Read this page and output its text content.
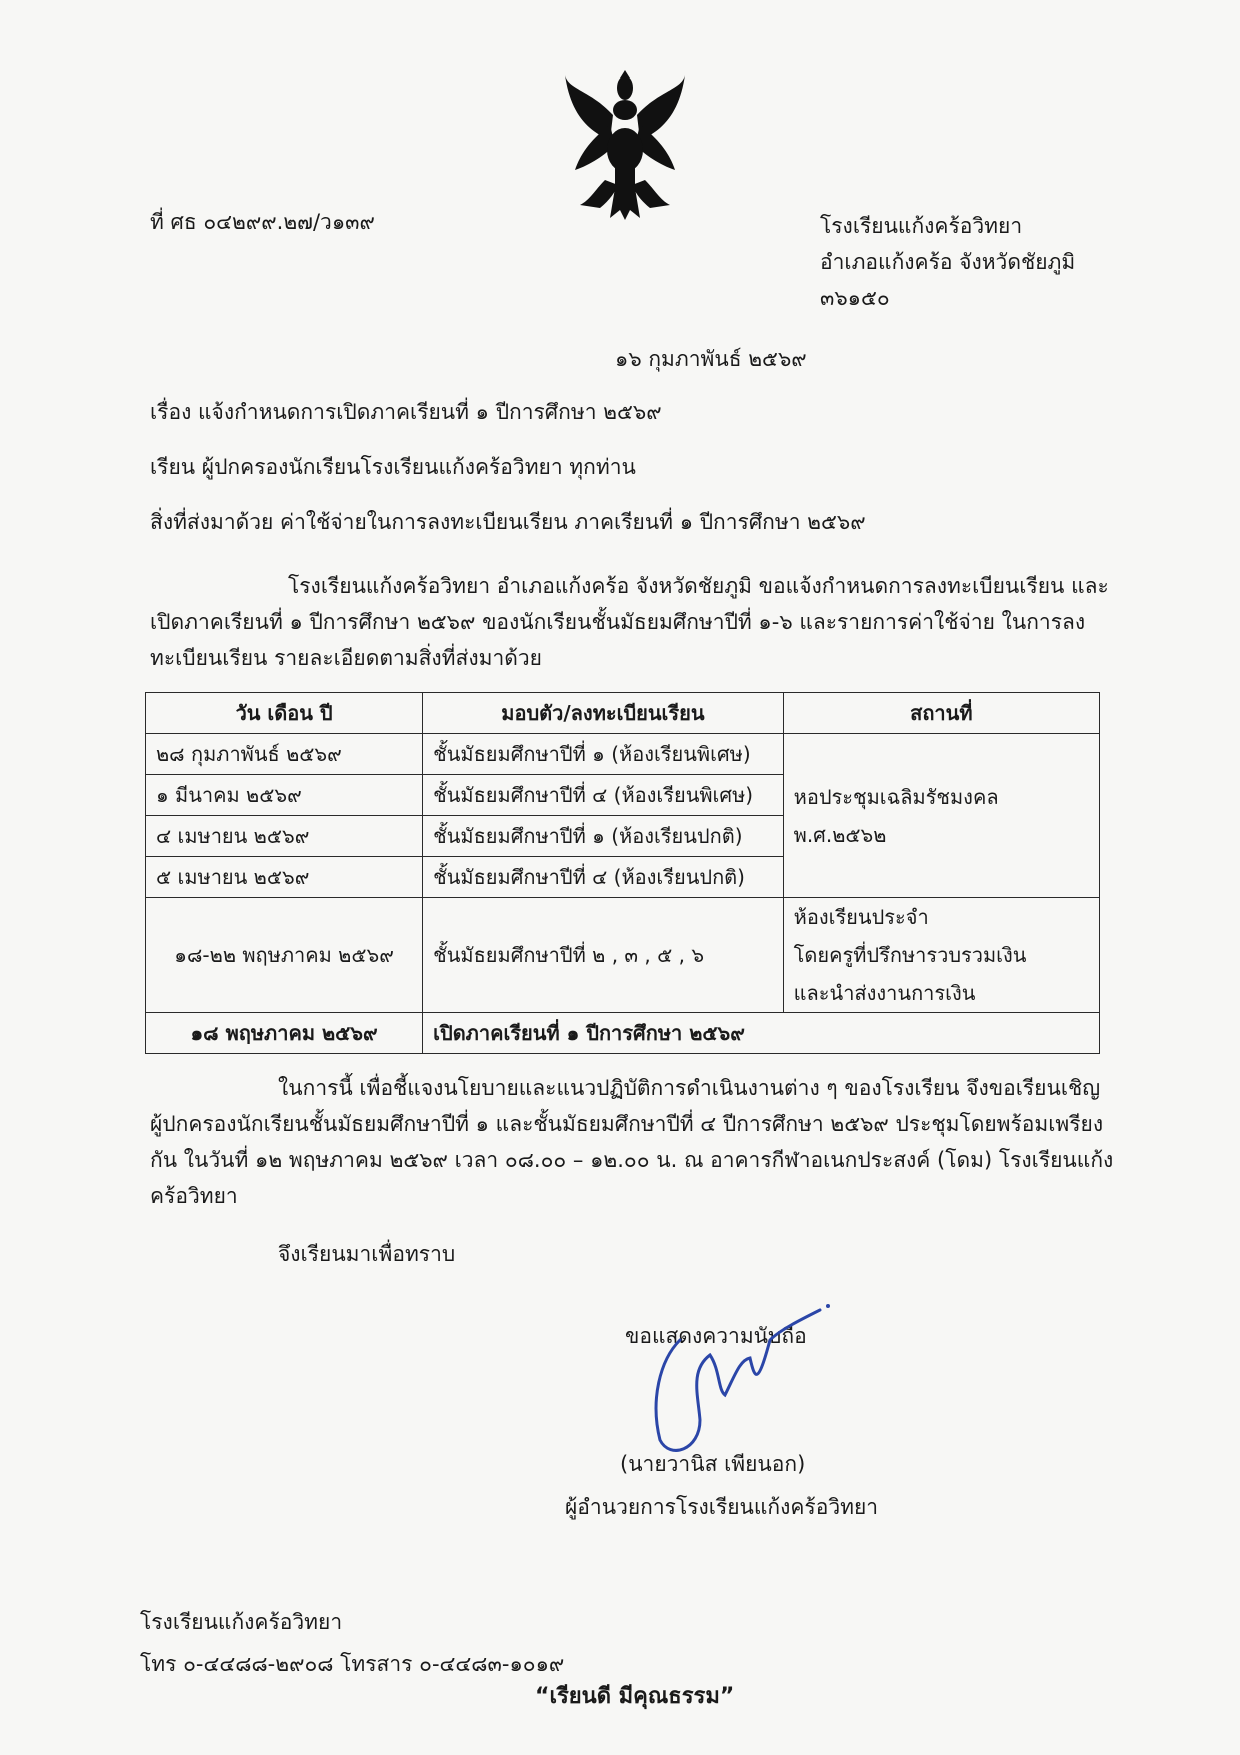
ที่ ศธ ๐๔๒๙๙.๒๗/ว๑๓๙	โรงเรียนแก้งคร้อวิทยา
อำเภอแก้งคร้อ จังหวัดชัยภูมิ
๓๖๑๕๐
๑๖ กุมภาพันธ์ ๒๕๖๙
เรื่อง แจ้งกำหนดการเปิดภาคเรียนที่ ๑ ปีการศึกษา ๒๕๖๙
เรียน ผู้ปกครองนักเรียนโรงเรียนแก้งคร้อวิทยา ทุกท่าน
สิ่งที่ส่งมาด้วย ค่าใช้จ่ายในการลงทะเบียนเรียน ภาคเรียนที่ ๑ ปีการศึกษา ๒๕๖๙
โรงเรียนแก้งคร้อวิทยา อำเภอแก้งคร้อ จังหวัดชัยภูมิ ขอแจ้งกำหนดการลงทะเบียนเรียน และเปิดภาคเรียนที่ ๑ ปีการศึกษา ๒๕๖๙ ของนักเรียนชั้นมัธยมศึกษาปีที่ ๑-๖ และรายการค่าใช้จ่าย ในการลงทะเบียนเรียน รายละเอียดตามสิ่งที่ส่งมาด้วย
วัน เดือน ปี	มอบตัว/ลงทะเบียนเรียน	สถานที่
๒๘ กุมภาพันธ์ ๒๕๖๙	ชั้นมัธยมศึกษาปีที่ ๑ (ห้องเรียนพิเศษ)	หอประชุมเฉลิมรัชมงคล
พ.ศ.๒๕๖๒

๑ มีนาคม ๒๕๖๙	ชั้นมัธยมศึกษาปีที่ ๔ (ห้องเรียนพิเศษ)	
๔ เมษายน ๒๕๖๙	ชั้นมัธยมศึกษาปีที่ ๑ (ห้องเรียนปกติ)	
๕ เมษายน ๒๕๖๙	ชั้นมัธยมศึกษาปีที่ ๔ (ห้องเรียนปกติ)	
๑๘-๒๒ พฤษภาคม ๒๕๖๙	ชั้นมัธยมศึกษาปีที่ ๒ , ๓ , ๕ , ๖	ห้องเรียนประจำ
โดยครูที่ปรึกษารวบรวมเงิน
และนำส่งงานการเงิน

๑๘ พฤษภาคม ๒๕๖๙	เปิดภาคเรียนที่ ๑ ปีการศึกษา ๒๕๖๙	
ในการนี้ เพื่อชี้แจงนโยบายและแนวปฏิบัติการดำเนินงานต่าง ๆ ของโรงเรียน จึงขอเรียนเชิญ ผู้ปกครองนักเรียนชั้นมัธยมศึกษาปีที่ ๑ และชั้นมัธยมศึกษาปีที่ ๔ ปีการศึกษา ๒๕๖๙ ประชุมโดยพร้อมเพรียงกัน ในวันที่ ๑๒ พฤษภาคม ๒๕๖๙ เวลา ๐๘.๐๐ – ๑๒.๐๐ น. ณ อาคารกีฬาอเนกประสงค์ (โดม) โรงเรียนแก้งคร้อวิทยา
จึงเรียนมาเพื่อทราบ
ขอแสดงความนับถือ
(นายวานิส เพียนอก)
ผู้อำนวยการโรงเรียนแก้งคร้อวิทยา
โรงเรียนแก้งคร้อวิทยา
โทร ๐-๔๔๘๘-๒๙๐๘ โทรสาร ๐-๔๔๘๓-๑๐๑๙
“เรียนดี มีคุณธรรม”
